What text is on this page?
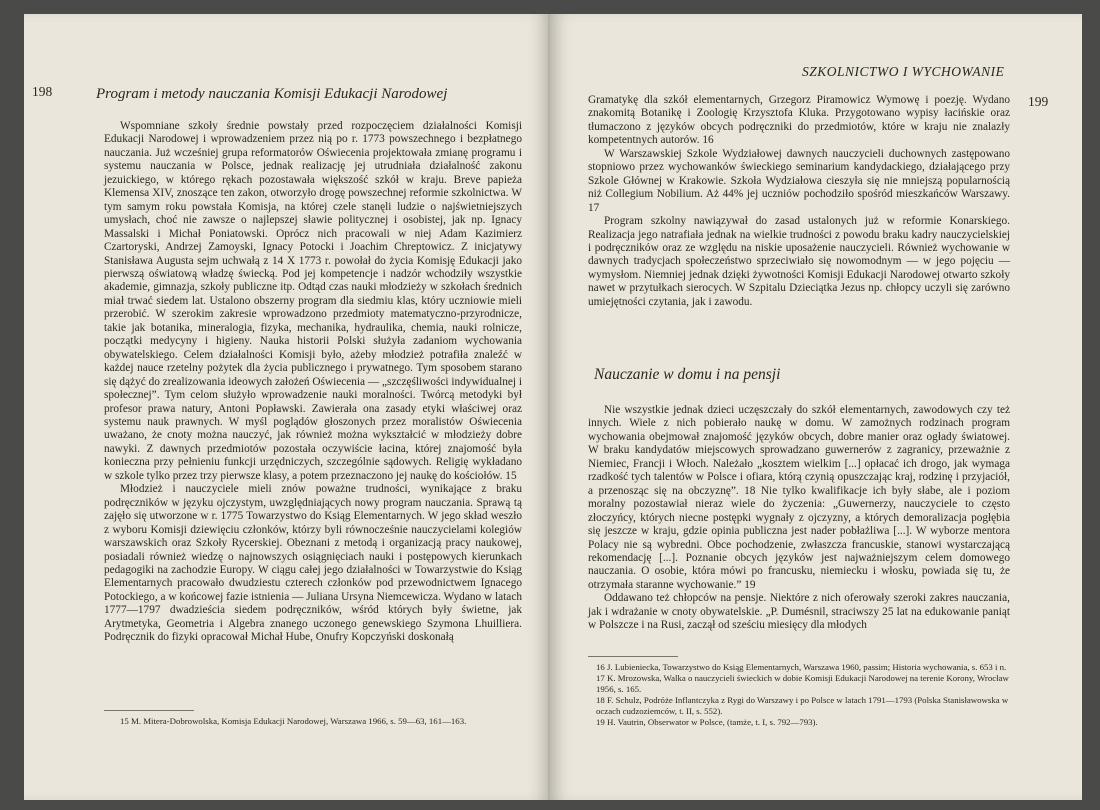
198	Program i metody nauczania Komisji Edukacji Narodowej

Wspomniane szkoły średnie powstały przed rozpoczęciem działalności Komisji Edukacji Narodowej i wprowadzeniem przez nią po r. 1773 powszechnego i bezpłatnego nauczania. Już wcześniej grupa reformatorów Oświecenia projektowała zmianę programu i systemu nauczania w Polsce, jednak realizację jej utrudniała działalność zakonu jezuickiego, w którego rękach pozostawała większość szkół w kraju. Breve papieża Klemensa XIV, znoszące ten zakon, otworzyło drogę powszechnej reformie szkolnictwa. W tym samym roku powstała Komisja, na której czele stanęli ludzie o najświetniejszych umysłach, choć nie zawsze o najlepszej sławie politycznej i osobistej, jak np. Ignacy Massalski i Michał Poniatowski. Oprócz nich pracowali w niej Adam Kazimierz Czartoryski, Andrzej Zamoyski, Ignacy Potocki i Joachim Chreptowicz. Z inicjatywy Stanisława Augusta sejm uchwałą z 14 X 1773 r. powołał do życia Komisję Edukacji jako pierwszą oświatową władzę świecką. Pod jej kompetencje i nadzór wchodziły wszystkie akademie, gimnazja, szkoły publiczne itp. Odtąd czas nauki młodzieży w szkołach średnich miał trwać siedem lat. Ustalono obszerny program dla siedmiu klas, który uczniowie mieli przerobić. W szerokim zakresie wprowadzono przedmioty matematyczno-przyrodnicze, takie jak botanika, mineralogia, fizyka, mechanika, hydraulika, chemia, nauki rolnicze, początki medycyny i higieny. Nauka historii Polski służyła zadaniom wychowania obywatelskiego. Celem działalności Komisji było, ażeby młodzież potrafiła znaleźć w każdej nauce rzetelny pożytek dla życia publicznego i prywatnego. Tym sposobem starano się dążyć do zrealizowania ideowych założeń Oświecenia — „szczęśliwości indywidualnej i społecznej”. Tym celom służyło wprowadzenie nauki moralności. Twórcą metodyki był profesor prawa natury, Antoni Popławski. Zawierała ona zasady etyki właściwej oraz systemu nauk prawnych. W myśl poglądów głoszonych przez moralistów Oświecenia uważano, że cnoty można nauczyć, jak również można wykształcić w młodzieży dobre nawyki. Z dawnych przedmiotów pozostała oczywiście łacina, której znajomość była konieczna przy pełnieniu funkcji urzędniczych, szczególnie sądowych. Religię wykładano w szkole tylko przez trzy pierwsze klasy, a potem przeznaczono jej naukę do kościołów. 15

Młodzież i nauczyciele mieli znów poważne trudności, wynikające z braku podręczników w języku ojczystym, uwzględniających nowy program nauczania. Sprawą tą zajęło się utworzone w r. 1775 Towarzystwo do Ksiąg Elementarnych. W jego skład weszło z wyboru Komisji dziewięciu członków, którzy byli równocześnie nauczycielami kolegiów warszawskich oraz Szkoły Rycerskiej. Obeznani z metodą i organizacją pracy naukowej, posiadali również wiedzę o najnowszych osiągnięciach nauki i postępowych kierunkach pedagogiki na zachodzie Europy. W ciągu całej jego działalności w Towarzystwie do Ksiąg Elementarnych pracowało dwudziestu czterech członków pod przewodnictwem Ignacego Potockiego, a w końcowej fazie istnienia — Juliana Ursyna Niemcewicza. Wydano w latach 1777—1797 dwadzieścia siedem podręczników, wśród których były świetne, jak Arytmetyka, Geometria i Algebra znanego uczonego genewskiego Szymona Lhuilliera. Podręcznik do fizyki opracował Michał Hube, Onufry Kopczyński doskonałą

15 M. Mitera-Dobrowolska, Komisja Edukacji Narodowej, Warszawa 1966, s. 59—63, 161—163.
SZKOLNICTWO I WYCHOWANIE
199

Gramatykę dla szkół elementarnych, Grzegorz Piramowicz Wymowę i poezję. Wydano znakomitą Botanikę i Zoologię Krzysztofa Kluka. Przygotowano wypisy łacińskie oraz tłumaczono z języków obcych podręczniki do przedmiotów, które w kraju nie znalazły kompetentnych autorów. 16

W Warszawskiej Szkole Wydziałowej dawnych nauczycieli duchownych zastępowano stopniowo przez wychowanków świeckiego seminarium kandydackiego, działającego przy Szkole Głównej w Krakowie. Szkoła Wydziałowa cieszyła się nie mniejszą popularnością niż Collegium Nobilium. Aż 44% jej uczniów pochodziło spośród mieszkańców Warszawy. 17

Program szkolny nawiązywał do zasad ustalonych już w reformie Konarskiego. Realizacja jego natrafiała jednak na wielkie trudności z powodu braku kadry nauczycielskiej i podręczników oraz ze względu na niskie uposażenie nauczycieli. Również wychowanie w dawnych tradycjach społeczeństwo sprzeciwiało się nowomodnym — w jego pojęciu — wymysłom. Niemniej jednak dzięki żywotności Komisji Edukacji Narodowej otwarto szkoły nawet w przytułkach sierocych. W Szpitalu Dzieciątka Jezus np. chłopcy uczyli się zarówno umiejętności czytania, jak i zawodu.

Nauczanie w domu i na pensji

Nie wszystkie jednak dzieci uczęszczały do szkół elementarnych, zawodowych czy też innych. Wiele z nich pobierało naukę w domu. W zamożnych rodzinach program wychowania obejmował znajomość języków obcych, dobre manier oraz ogłady światowej. W braku kandydatów miejscowych sprowadzano guwernerów z zagranicy, przeważnie z Niemiec, Francji i Włoch. Należało „kosztem wielkim [...] opłacać ich drogo, jak wymaga rzadkość tych talentów w Polsce i ofiara, którą czynią opuszczając kraj, rodzinę i przyjaciół, a przenosząc się na obczyznę”. 18 Nie tylko kwalifikacje ich były słabe, ale i poziom moralny pozostawiał nieraz wiele do życzenia: „Guwernerzy, nauczyciele to często złoczyńcy, których niecne postępki wygnały z ojczyzny, a których demoralizacja pogłębia się jeszcze w kraju, gdzie opinia publiczna jest nader pobłażliwa [...]. W wyborze mentora Polacy nie są wybredni. Obce pochodzenie, zwłaszcza francuskie, stanowi wystarczającą rekomendację [...]. Poznanie obcych języków jest najważniejszym celem domowego nauczania. O osobie, która mówi po francusku, niemiecku i włosku, powiada się tu, że otrzymała staranne wychowanie.” 19

Oddawano też chłopców na pensje. Niektóre z nich oferowały szeroki zakres nauczania, jak i wdrażanie w cnoty obywatelskie. „P. Dumésnil, straciwszy 25 lat na edukowanie paniąt w Polszcze i na Rusi, zaczął od sześciu miesięcy dla młodych

16 J. Lubieniecka, Towarzystwo do Ksiąg Elementarnych, Warszawa 1960, passim; Historia wychowania, s. 653 i n.
17 K. Mrozowska, Walka o nauczycieli świeckich w dobie Komisji Edukacji Narodowej na terenie Korony, Wrocław 1956, s. 165.
18 F. Schulz, Podróże Inflantczyka z Rygi do Warszawy i po Polsce w latach 1791—1793 (Polska Stanisławowska w oczach cudzoziemców, t. II, s. 552).
19 H. Vautrin, Obserwator w Polsce, (tamże, t. I, s. 792—793).
